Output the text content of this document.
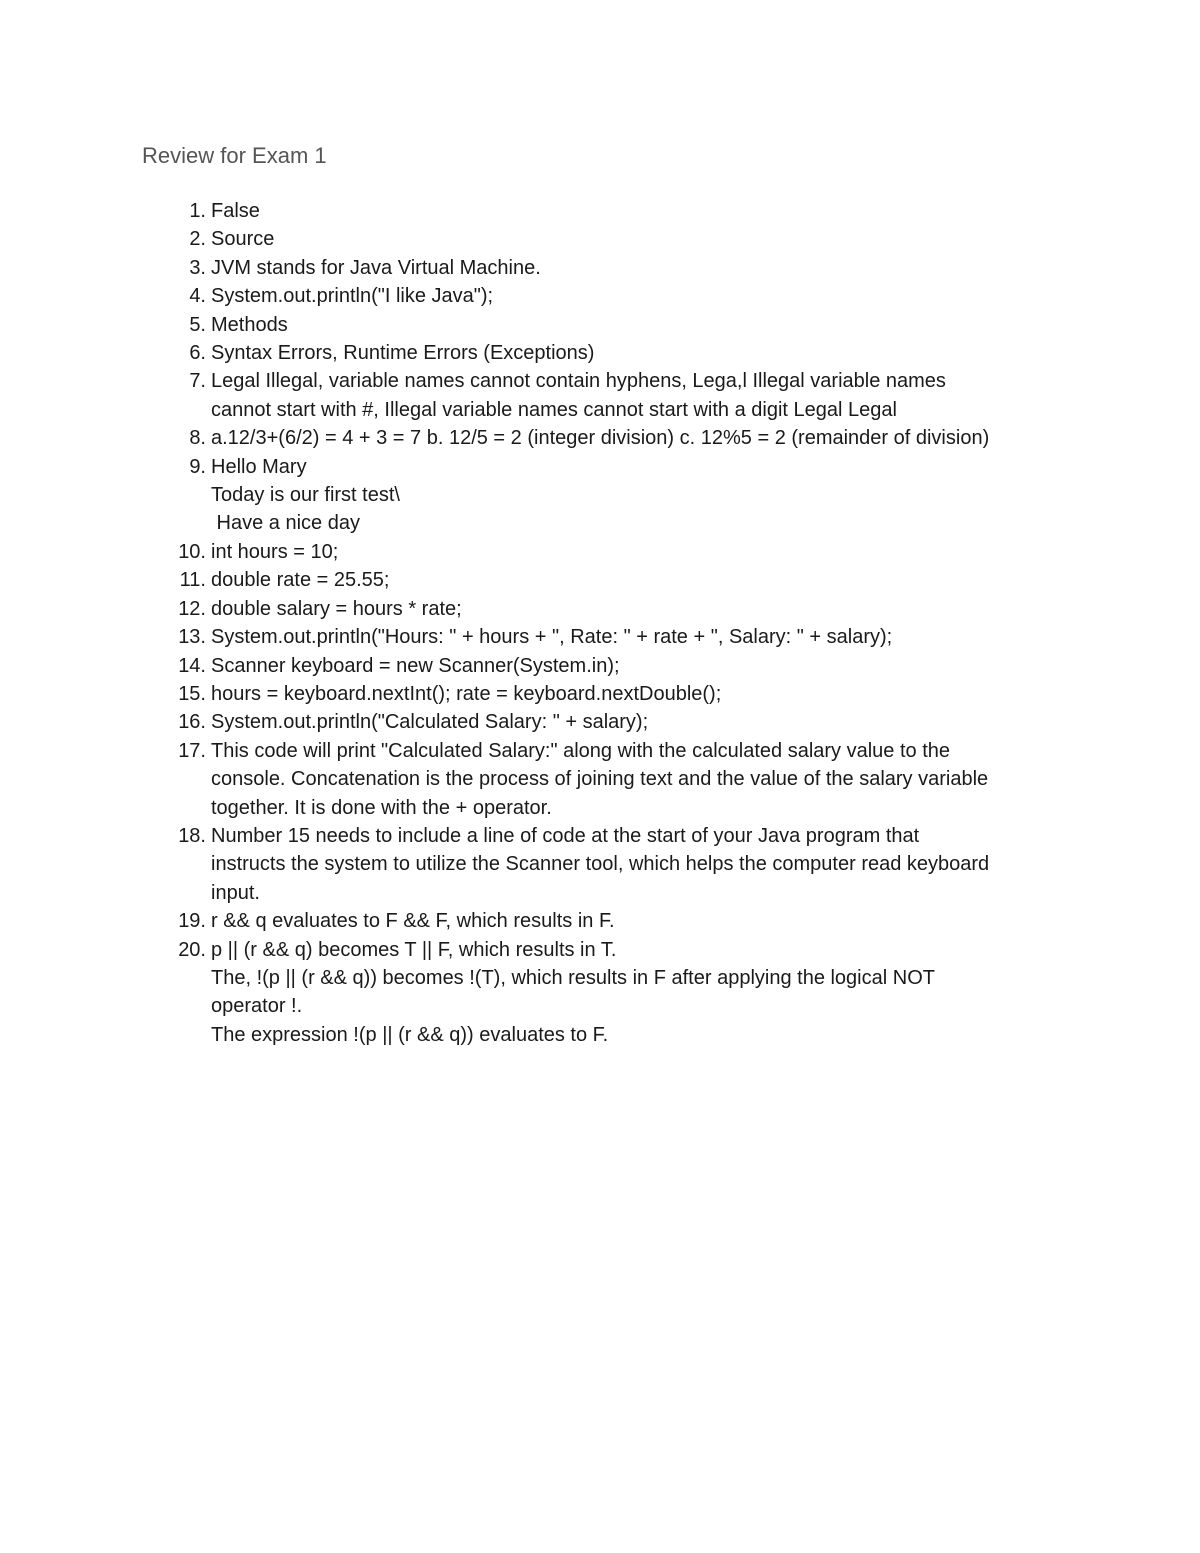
Review for Exam 1
1. False
2. Source
3. JVM stands for Java Virtual Machine.
4. System.out.println("I like Java");
5. Methods
6. Syntax Errors, Runtime Errors (Exceptions)
7. Legal Illegal, variable names cannot contain hyphens, Lega,l Illegal variable names
cannot start with #, Illegal variable names cannot start with a digit Legal Legal
8. a.12/3+(6/2) = 4 + 3 = 7 b. 12/5 = 2 (integer division) c. 12%5 = 2 (remainder of division)
9. Hello Mary
Today is our first test\
Have a nice day
10. int hours = 10;
11. double rate = 25.55;
12. double salary = hours * rate;
13. System.out.println("Hours: " + hours + ", Rate: " + rate + ", Salary: " + salary);
14. Scanner keyboard = new Scanner(System.in);
15. hours = keyboard.nextInt(); rate = keyboard.nextDouble();
16. System.out.println("Calculated Salary: " + salary);
17. This code will print "Calculated Salary:" along with the calculated salary value to the
console. Concatenation is the process of joining text and the value of the salary variable
together. It is done with the + operator.
18. Number 15 needs to include a line of code at the start of your Java program that
instructs the system to utilize the Scanner tool, which helps the computer read keyboard
input.
19. r && q evaluates to F && F, which results in F.
20. p || (r && q) becomes T || F, which results in T.
The, !(p || (r && q)) becomes !(T), which results in F after applying the logical NOT
operator !.
The expression !(p || (r && q)) evaluates to F.
